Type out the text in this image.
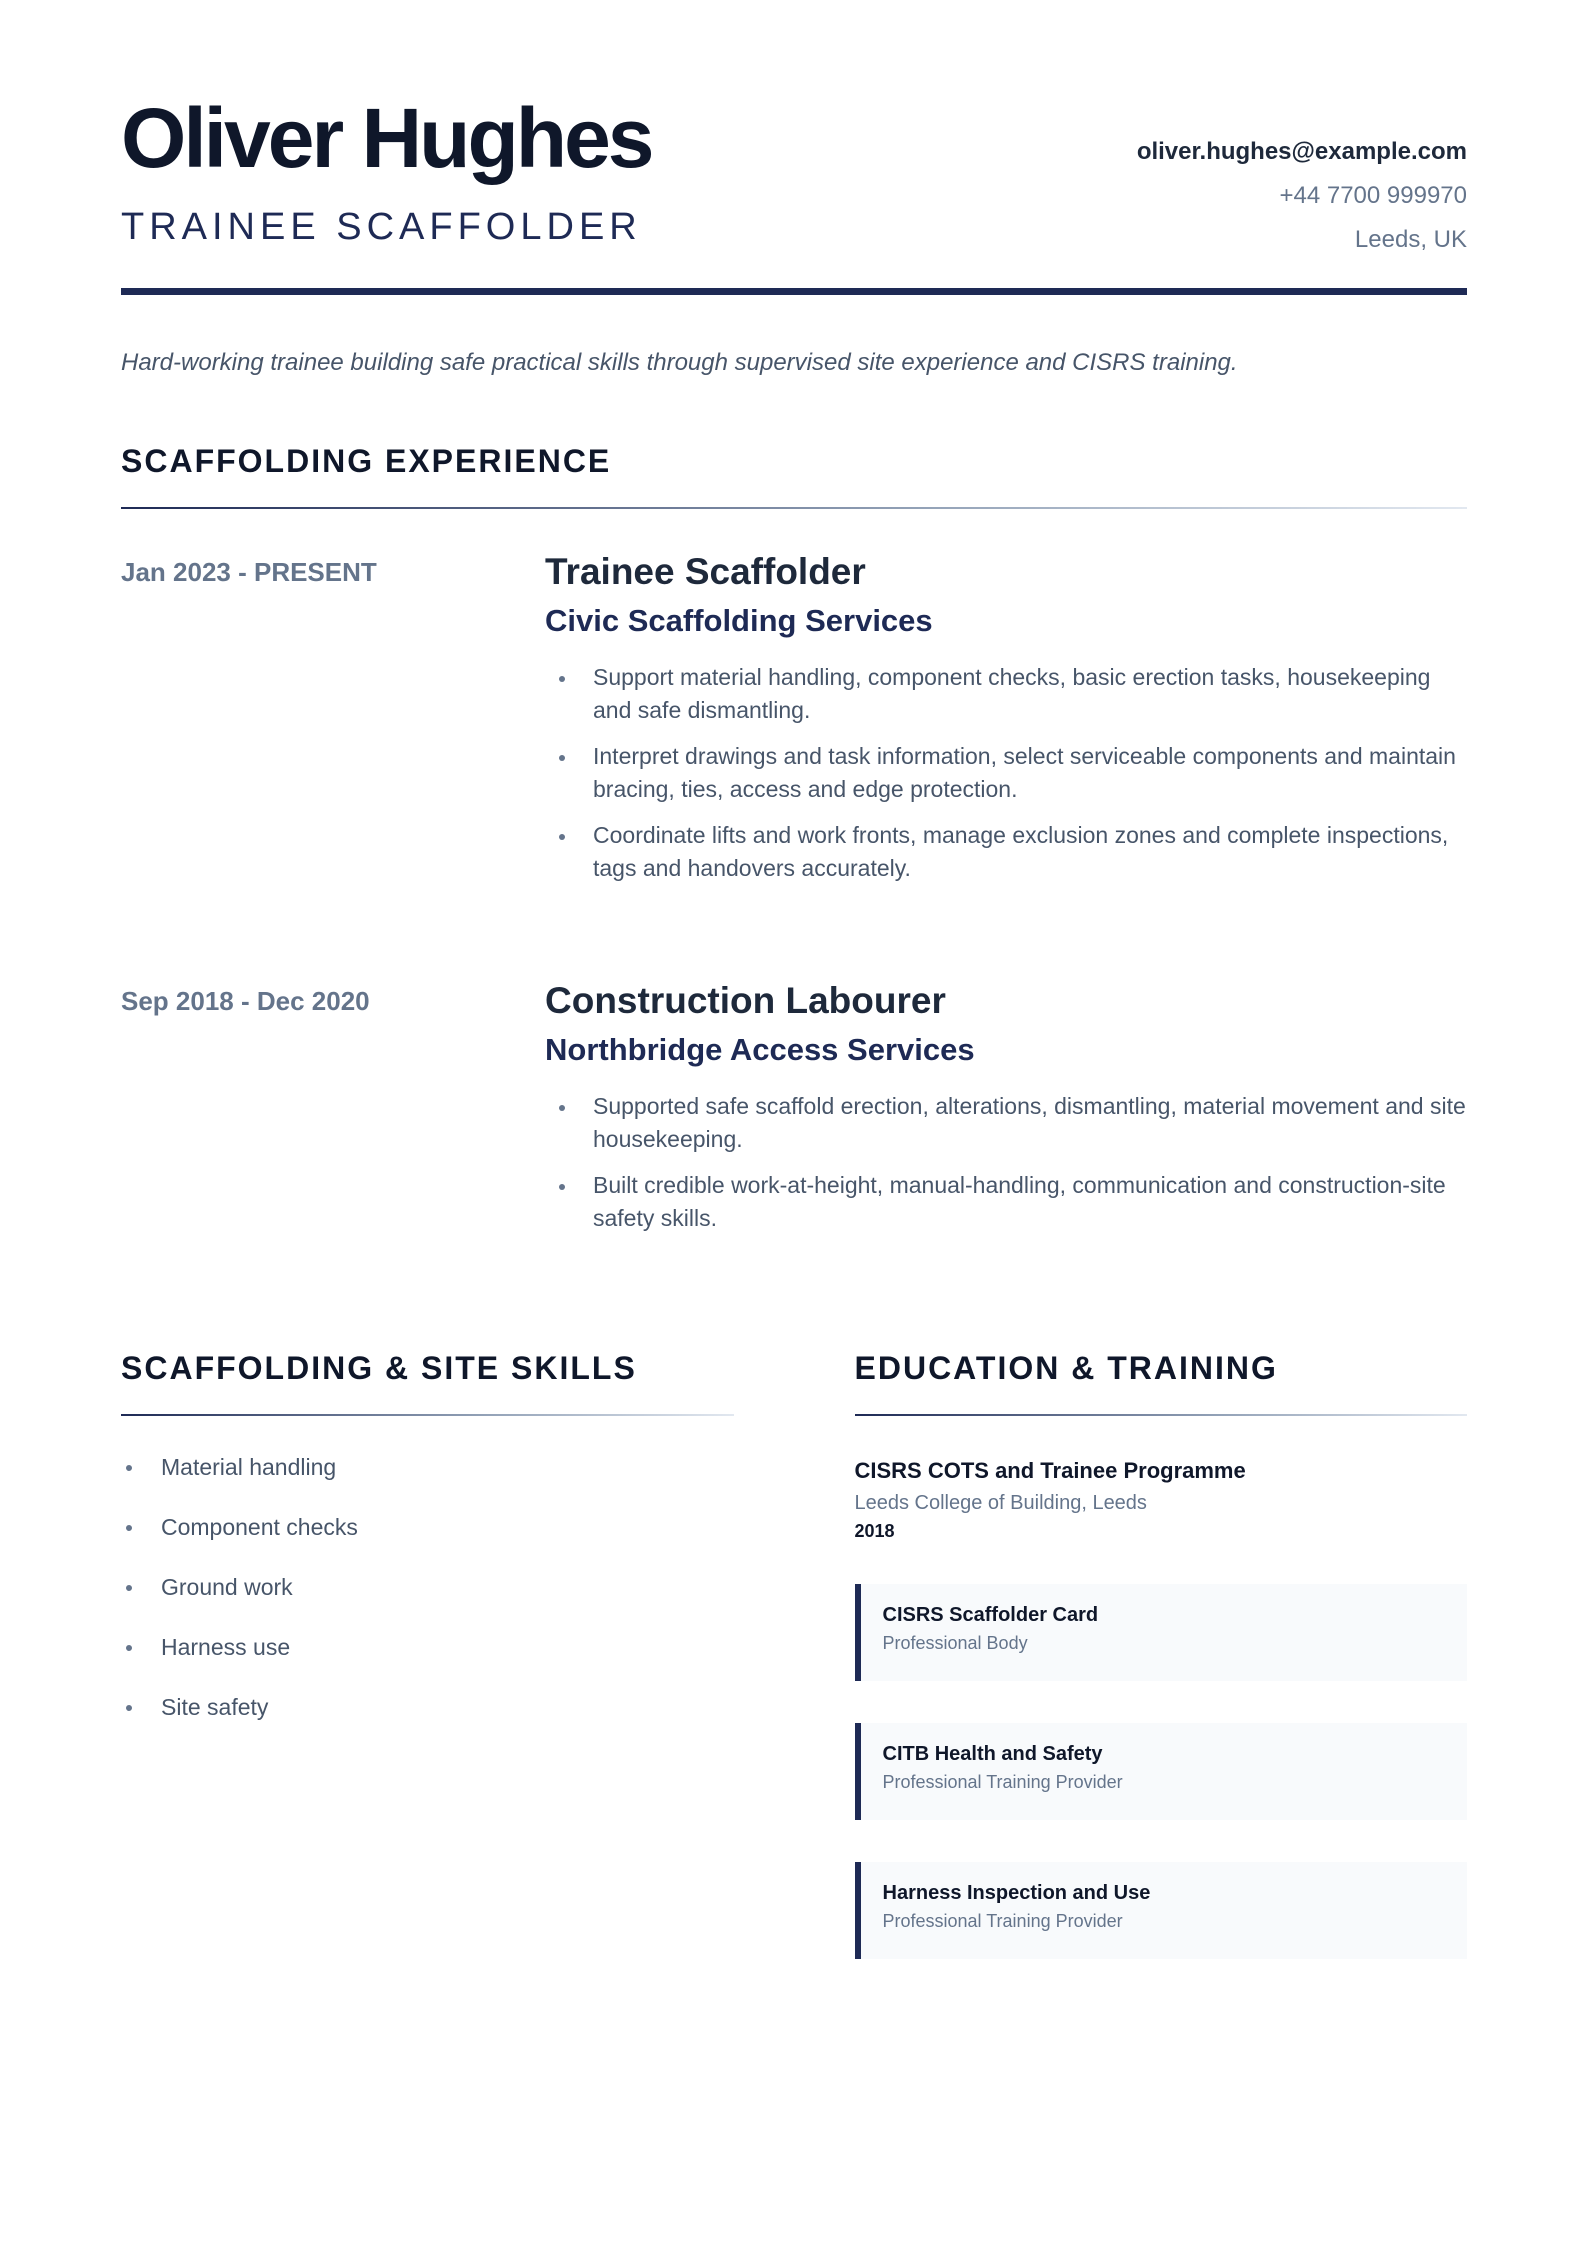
Oliver Hughes
TRAINEE SCAFFOLDER
oliver.hughes@example.com
+44 7700 999970
Leeds, UK

Hard-working trainee building safe practical skills through supervised site experience and CISRS training.

SCAFFOLDING EXPERIENCE
Jan 2023 - PRESENT	Trainee Scaffolder
Civic Scaffolding Services
Support material handling, component checks, basic erection tasks, housekeeping and safe dismantling.
Interpret drawings and task information, select serviceable components and maintain bracing, ties, access and edge protection.
Coordinate lifts and work fronts, manage exclusion zones and complete inspections, tags and handovers accurately.
Sep 2018 - Dec 2020	Construction Labourer
Northbridge Access Services
Supported safe scaffold erection, alterations, dismantling, material movement and site housekeeping.
Built credible work-at-height, manual-handling, communication and construction-site safety skills.
SCAFFOLDING & SITE SKILLS
Material handling
Component checks
Ground work
Harness use
Site safety
EDUCATION & TRAINING
CISRS COTS and Trainee Programme
Leeds College of Building, Leeds
2018
CISRS Scaffolder Card
Professional Body
CITB Health and Safety
Professional Training Provider
Harness Inspection and Use
Professional Training Provider
